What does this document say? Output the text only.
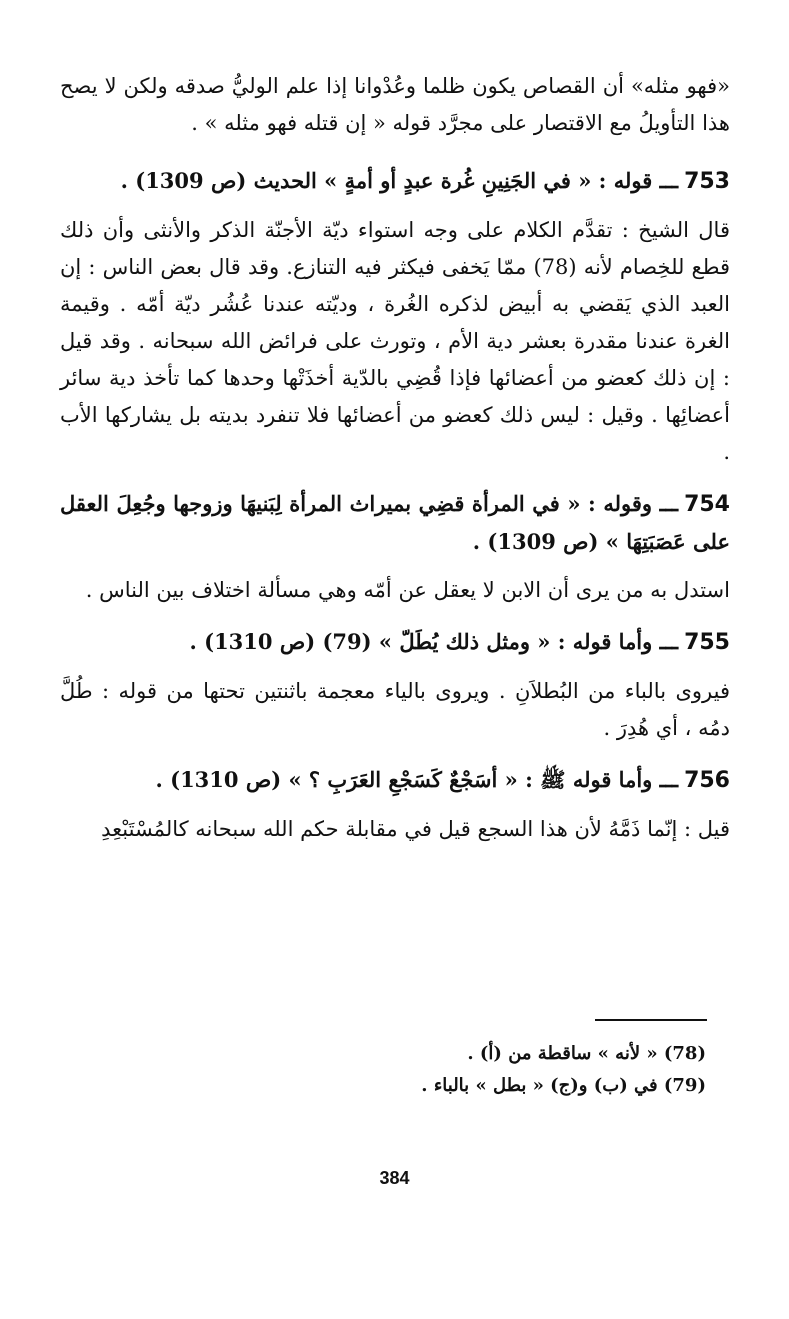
«فهو مثله» أن القصاص يكون ظلما وعُدْوانا إذا علم الوليُّ صدقه ولكن لا يصح هذا التأويلُ مع الاقتصار على مجرَّد قوله « إن قتله فهو مثله » .

753ـــ قوله : « في الجَنِينِ غُرة عبدٍ أو أمةٍ » الحديث (ص 1309) .

قال الشيخ : تقدَّم الكلام على وجه استواء ديّة الأجنّة الذكر والأنثى وأن ذلك قطع للخِصام لأنه (78) ممّا يَخفى فيكثر فيه التنازع. وقد قال بعض الناس : إن العبد الذي يَقضي به أبيض لذكره الغُرة ، وديّته عندنا عُشُر ديّة أمّه . وقيمة الغرة عندنا مقدرة بعشر دية الأم ، وتورث على فرائض الله سبحانه . وقد قيل : إن ذلك كعضو من أعضائها فإذا قُضِي بالدّية أخذَتْها وحدها كما تأخذ دية سائر أعضائِها . وقيل : ليس ذلك كعضو من أعضائها فلا تنفرد بديته بل يشاركها الأب .

754ـــ وقوله : « في المرأة قضِي بميراث المرأة لِبَنيهَا وزوجها وجُعِلَ العقل على عَصَبَتِهَا » (ص 1309) .

استدل به من يرى أن الابن لا يعقل عن أمّه وهي مسألة اختلاف بين الناس .

755ـــ وأما قوله : « ومثل ذلك يُطَلّ » (79) (ص 1310) .

فيروى بالباء من البُطلاَنِ . ويروى بالياء معجمة باثنتين تحتها من قوله : طُلَّ دمُه ، أي هُدِرَ .

756ـــ وأما قوله ﷺ : « أسَجْعٌ كَسَجْعِ العَرَبِ ؟ » (ص 1310) .

قيل : إنّما ذَمَّهُ لأن هذا السجع قيل في مقابلة حكم الله سبحانه كالمُسْتَبْعِدِ

(78) « لأنه » ساقطة من (أ) .

(79) في (ب) و(ج) « بطل » بالباء .

384
